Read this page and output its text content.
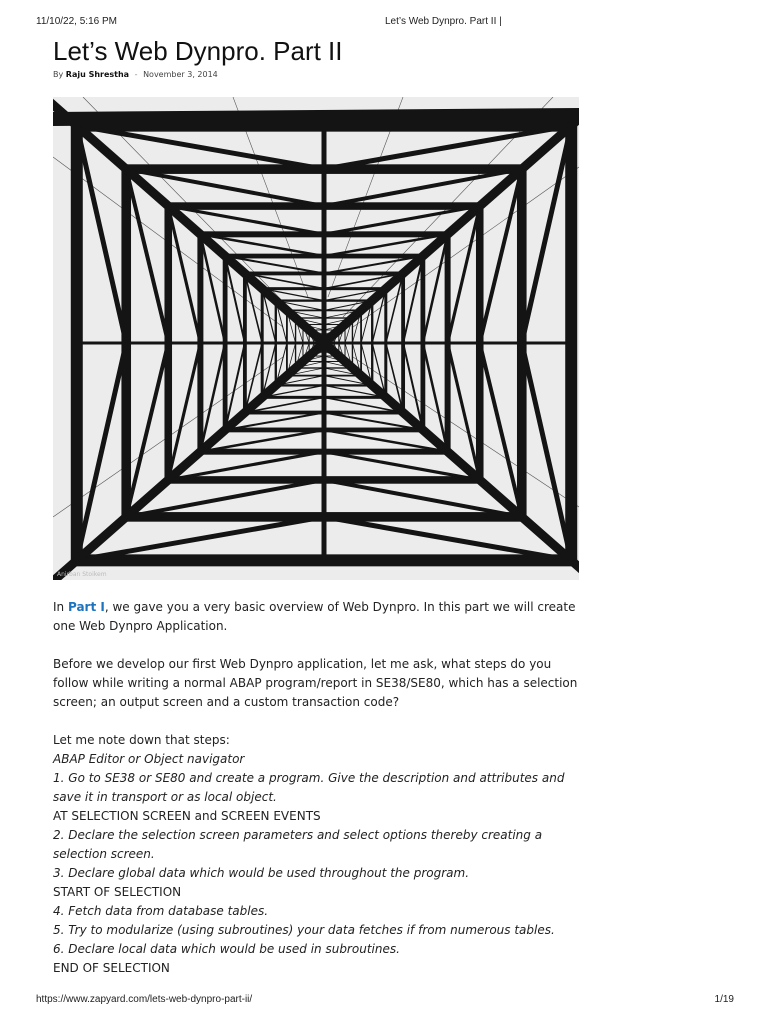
11/10/22, 5:16 PM	Let’s Web Dynpro. Part II |
Let’s Web Dynpro. Part II
By Raju Shrestha - November 3, 2014
Anirban Stoikem

In Part I, we gave you a very basic overview of Web Dynpro. In this part we will create one Web Dynpro Application.

Before we develop our first Web Dynpro application, let me ask, what steps do you follow while writing a normal ABAP program/report in SE38/SE80, which has a selection screen; an output screen and a custom transaction code?

Let me note down that steps:
ABAP Editor or Object navigator
1. Go to SE38 or SE80 and create a program. Give the description and attributes and save it in transport or as local object.
AT SELECTION SCREEN and SCREEN EVENTS
2. Declare the selection screen parameters and select options thereby creating a selection screen.
3. Declare global data which would be used throughout the program.
START OF SELECTION
4. Fetch data from database tables.
5. Try to modularize (using subroutines) your data fetches if from numerous tables.
6. Declare local data which would be used in subroutines.
END OF SELECTION
https://www.zapyard.com/lets-web-dynpro-part-ii/	1/19
